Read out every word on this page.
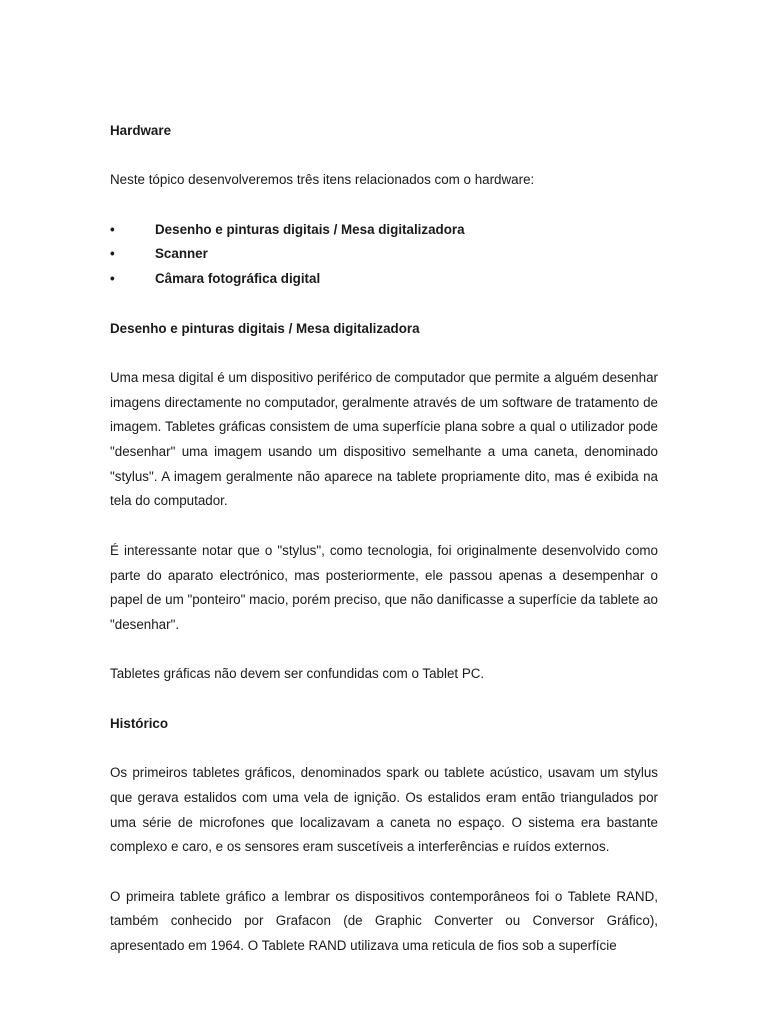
Hardware

Neste tópico desenvolveremos três itens relacionados com o hardware:

•	Desenho e pinturas digitais / Mesa digitalizadora
•	Scanner
•	Câmara fotográfica digital

Desenho e pinturas digitais / Mesa digitalizadora

Uma mesa digital é um dispositivo periférico de computador que permite a alguém desenhar imagens directamente no computador, geralmente através de um software de tratamento de imagem. Tabletes gráficas consistem de uma superfície plana sobre a qual o utilizador pode "desenhar" uma imagem usando um dispositivo semelhante a uma caneta, denominado "stylus". A imagem geralmente não aparece na tablete propriamente dito, mas é exibida na tela do computador.

É interessante notar que o "stylus", como tecnologia, foi originalmente desenvolvido como parte do aparato electrónico, mas posteriormente, ele passou apenas a desempenhar o papel de um "ponteiro" macio, porém preciso, que não danificasse a superfície da tablete ao "desenhar".

Tabletes gráficas não devem ser confundidas com o Tablet PC.

Histórico

Os primeiros tabletes gráficos, denominados spark ou tablete acústico, usavam um stylus que gerava estalidos com uma vela de ignição. Os estalidos eram então triangulados por uma série de microfones que localizavam a caneta no espaço. O sistema era bastante complexo e caro, e os sensores eram suscetíveis a interferências e ruídos externos.

O primeira tablete gráfico a lembrar os dispositivos contemporâneos foi o Tablete RAND, também conhecido por Grafacon (de Graphic Converter ou Conversor Gráfico), apresentado em 1964. O Tablete RAND utilizava uma reticula de fios sob a superfície
